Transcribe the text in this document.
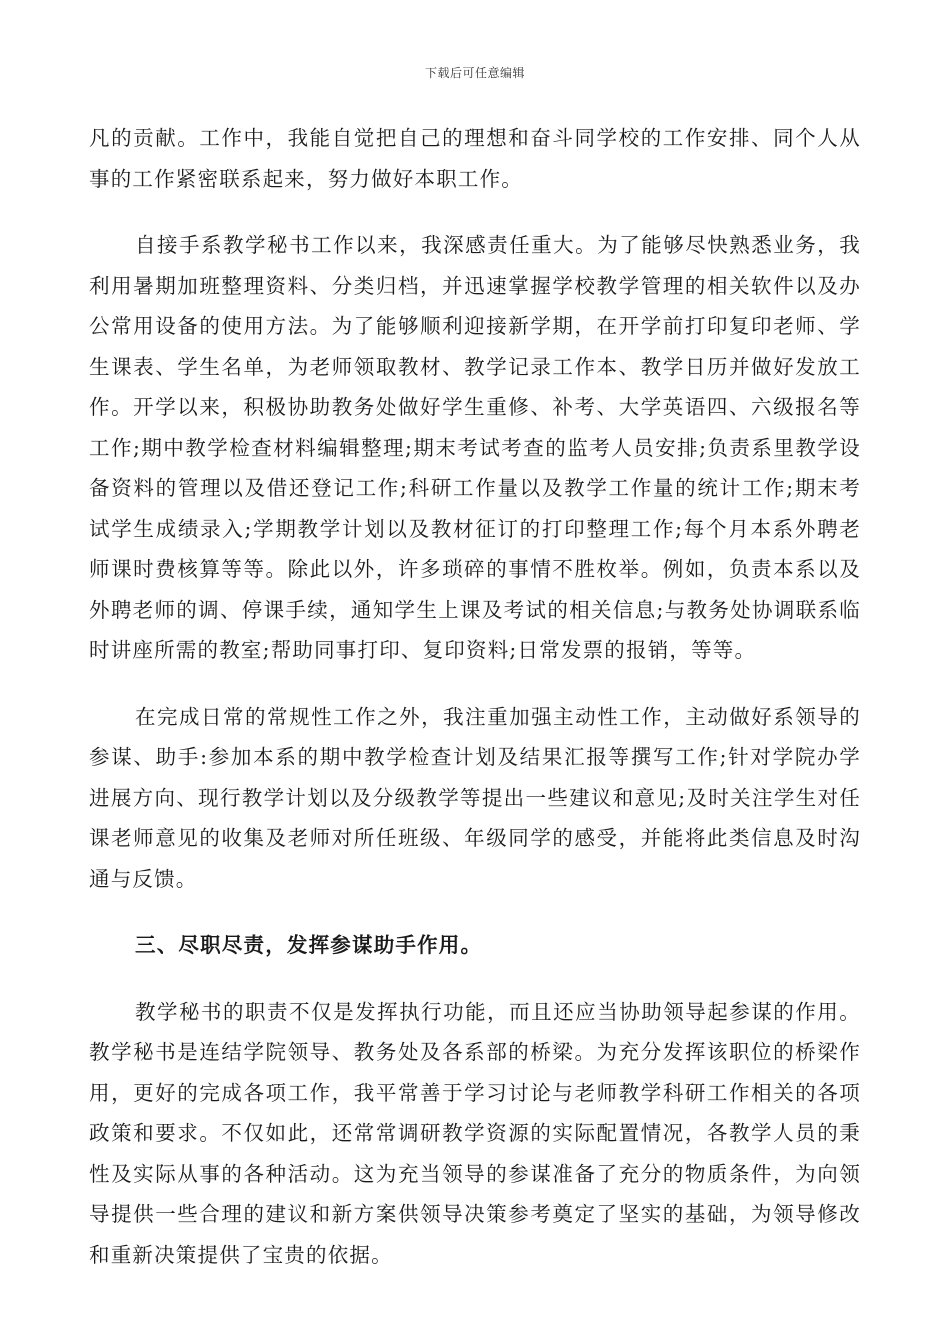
下载后可任意编辑

凡的贡献。工作中，我能自觉把自己的理想和奋斗同学校的工作安排、同个人从事的工作紧密联系起来，努力做好本职工作。

自接手系教学秘书工作以来，我深感责任重大。为了能够尽快熟悉业务，我利用暑期加班整理资料、分类归档，并迅速掌握学校教学管理的相关软件以及办公常用设备的使用方法。为了能够顺利迎接新学期，在开学前打印复印老师、学生课表、学生名单，为老师领取教材、教学记录工作本、教学日历并做好发放工作。开学以来，积极协助教务处做好学生重修、补考、大学英语四、六级报名等工作;期中教学检查材料编辑整理;期末考试考查的监考人员安排;负责系里教学设备资料的管理以及借还登记工作;科研工作量以及教学工作量的统计工作;期末考试学生成绩录入;学期教学计划以及教材征订的打印整理工作;每个月本系外聘老师课时费核算等等。除此以外，许多琐碎的事情不胜枚举。例如，负责本系以及外聘老师的调、停课手续，通知学生上课及考试的相关信息;与教务处协调联系临时讲座所需的教室;帮助同事打印、复印资料;日常发票的报销，等等。

在完成日常的常规性工作之外，我注重加强主动性工作，主动做好系领导的参谋、助手:参加本系的期中教学检查计划及结果汇报等撰写工作;针对学院办学进展方向、现行教学计划以及分级教学等提出一些建议和意见;及时关注学生对任课老师意见的收集及老师对所任班级、年级同学的感受，并能将此类信息及时沟通与反馈。

三、尽职尽责，发挥参谋助手作用。

教学秘书的职责不仅是发挥执行功能，而且还应当协助领导起参谋的作用。教学秘书是连结学院领导、教务处及各系部的桥梁。为充分发挥该职位的桥梁作用，更好的完成各项工作，我平常善于学习讨论与老师教学科研工作相关的各项政策和要求。不仅如此，还常常调研教学资源的实际配置情况，各教学人员的秉性及实际从事的各种活动。这为充当领导的参谋准备了充分的物质条件，为向领导提供一些合理的建议和新方案供领导决策参考奠定了坚实的基础，为领导修改和重新决策提供了宝贵的依据。
